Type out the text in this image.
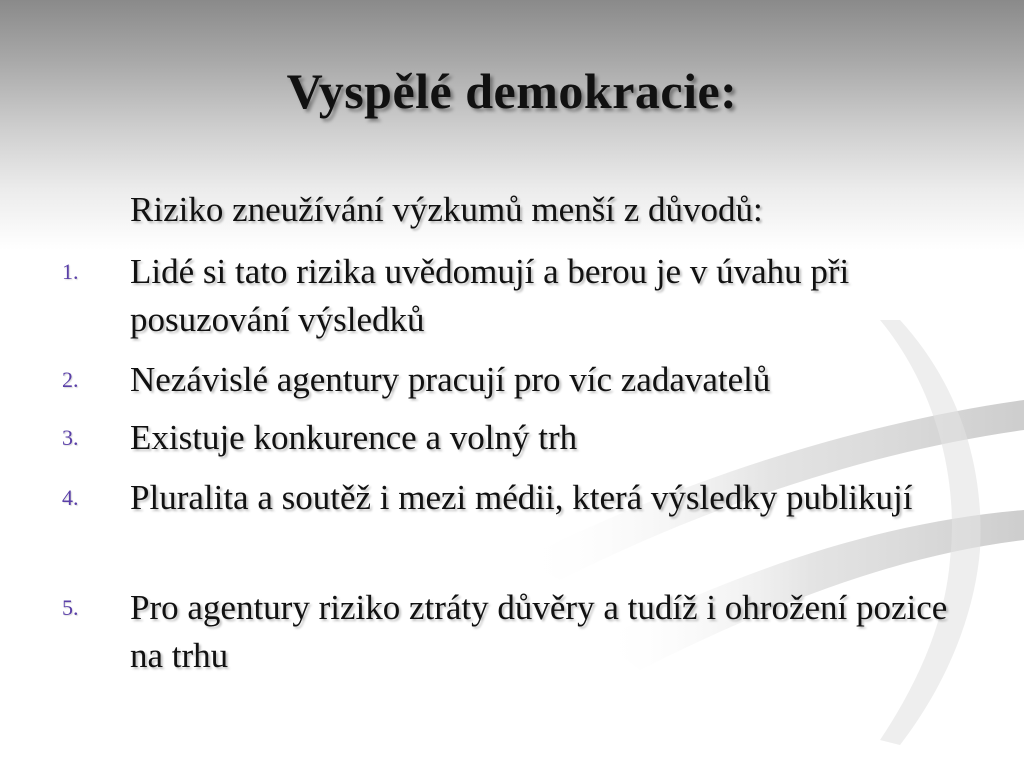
Vyspělé demokracie:
Riziko zneužívání výzkumů menší z důvodů:
1. Lidé si tato rizika uvědomují a berou je v úvahu při posuzování výsledků
2. Nezávislé agentury pracují pro víc zadavatelů
3. Existuje konkurence a volný trh
4. Pluralita a soutěž i mezi médii, která výsledky publikují
5. Pro agentury riziko ztráty důvěry a tudíž i ohrožení pozice na trhu
